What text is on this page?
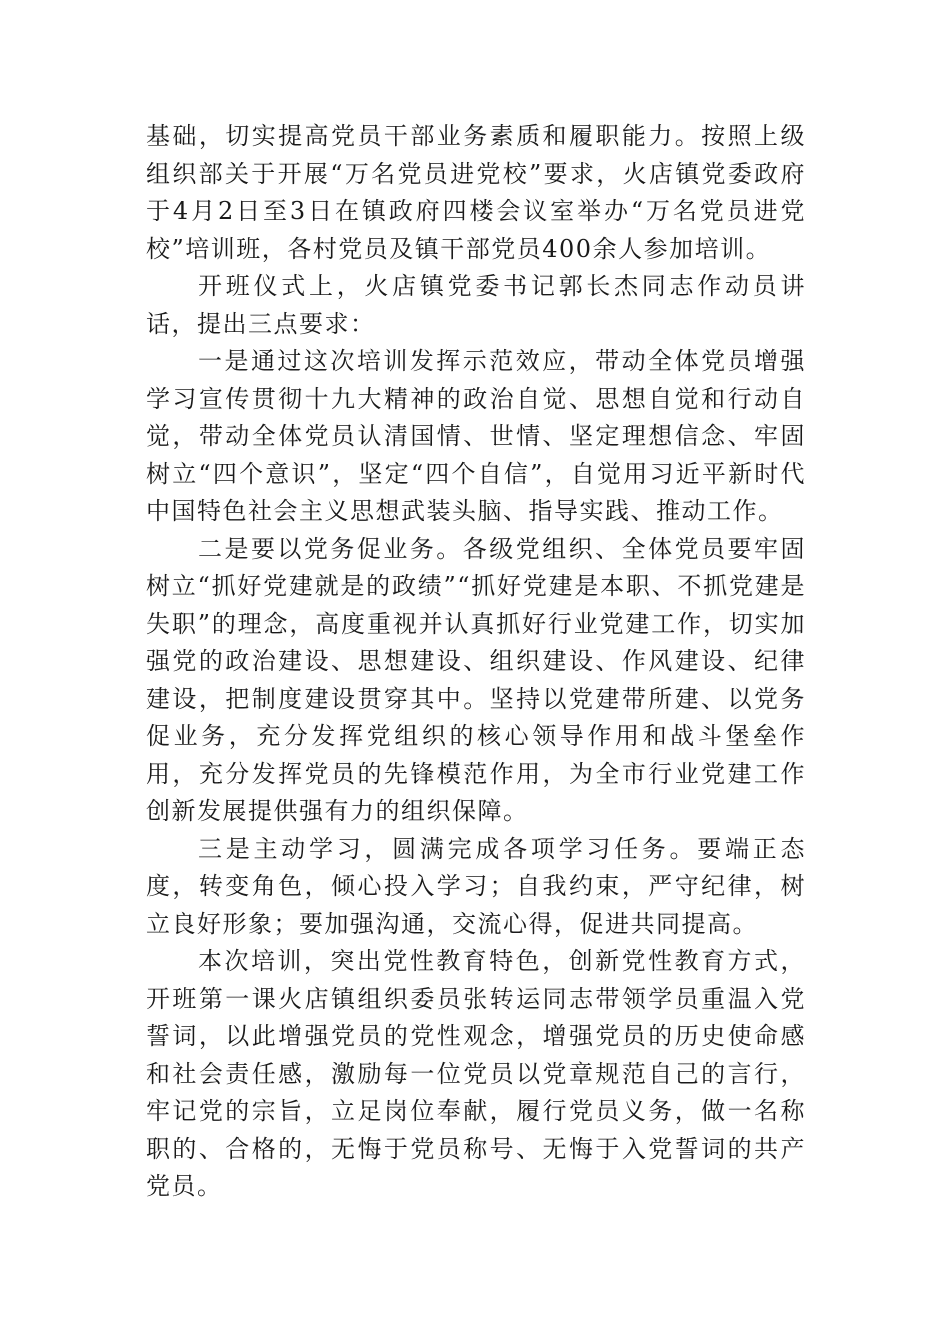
基础，切实提高党员干部业务素质和履职能力。按照上级组织部关于开展“万名党员进党校”要求，火店镇党委政府于4月2日至3日在镇政府四楼会议室举办“万名党员进党校”培训班，各村党员及镇干部党员400余人参加培训。

开班仪式上，火店镇党委书记郭长杰同志作动员讲话，提出三点要求：

一是通过这次培训发挥示范效应，带动全体党员增强学习宣传贯彻十九大精神的政治自觉、思想自觉和行动自觉，带动全体党员认清国情、世情、坚定理想信念、牢固树立“四个意识”，坚定“四个自信”，自觉用习近平新时代中国特色社会主义思想武装头脑、指导实践、推动工作。

二是要以党务促业务。各级党组织、全体党员要牢固树立“抓好党建就是的政绩”“抓好党建是本职、不抓党建是失职”的理念，高度重视并认真抓好行业党建工作，切实加强党的政治建设、思想建设、组织建设、作风建设、纪律建设，把制度建设贯穿其中。坚持以党建带所建、以党务促业务，充分发挥党组织的核心领导作用和战斗堡垒作用，充分发挥党员的先锋模范作用，为全市行业党建工作创新发展提供强有力的组织保障。

三是主动学习，圆满完成各项学习任务。要端正态度，转变角色，倾心投入学习；自我约束，严守纪律，树立良好形象；要加强沟通，交流心得，促进共同提高。

本次培训，突出党性教育特色，创新党性教育方式，开班第一课火店镇组织委员张转运同志带领学员重温入党誓词，以此增强党员的党性观念，增强党员的历史使命感和社会责任感，激励每一位党员以党章规范自己的言行，牢记党的宗旨，立足岗位奉献，履行党员义务，做一名称职的、合格的，无悔于党员称号、无悔于入党誓词的共产党员。
